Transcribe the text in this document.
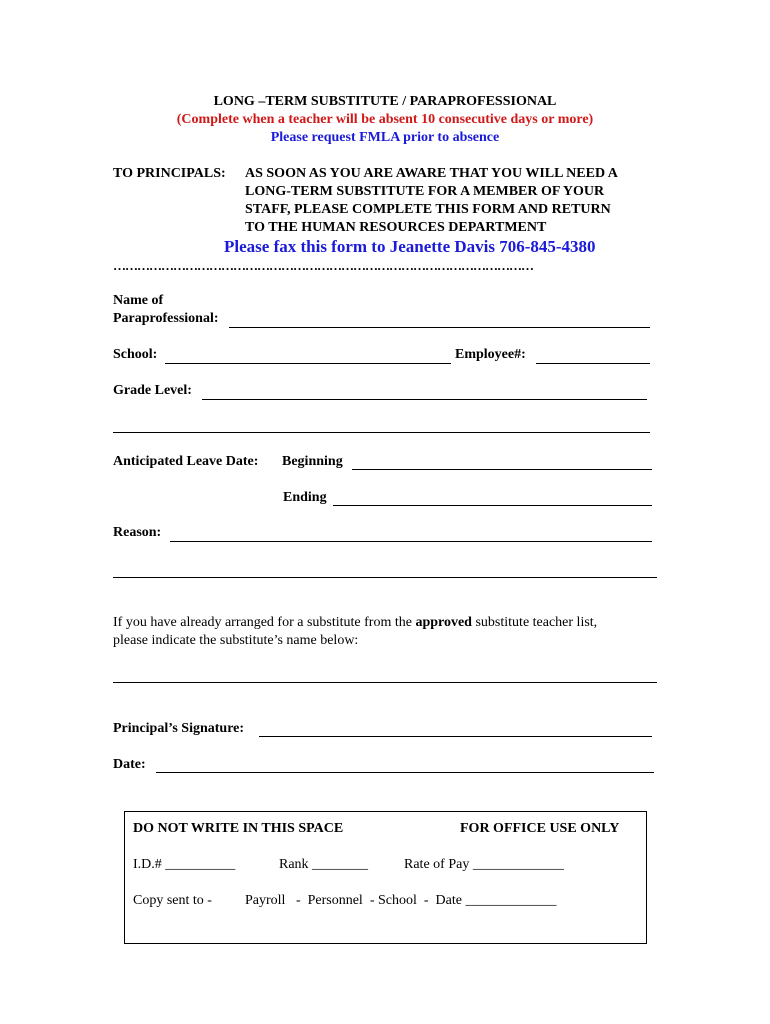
LONG –TERM SUBSTITUTE / PARAPROFESSIONAL
(Complete when a teacher will be absent 10 consecutive days or more)
Please request FMLA prior to absence
TO PRINCIPALS: AS SOON AS YOU ARE AWARE THAT YOU WILL NEED A
LONG-TERM SUBSTITUTE FOR A MEMBER OF YOUR
STAFF, PLEASE COMPLETE THIS FORM AND RETURN
TO THE HUMAN RESOURCES DEPARTMENT
Please fax this form to Jeanette Davis 706-845-4380
……………………………………………………………………………………………
Name of
Paraprofessional:
School:	Employee#:
Grade Level:
Anticipated Leave Date: Beginning
Ending
Reason:
If you have already arranged for a substitute from the approved substitute teacher list,
please indicate the substitute’s name below:
Principal’s Signature:
Date:
DO NOT WRITE IN THIS SPACE	FOR OFFICE USE ONLY
I.D.# __________	Rank ________	Rate of Pay _____________
Copy sent to - Payroll   -  Personnel  - School  -  Date _____________
